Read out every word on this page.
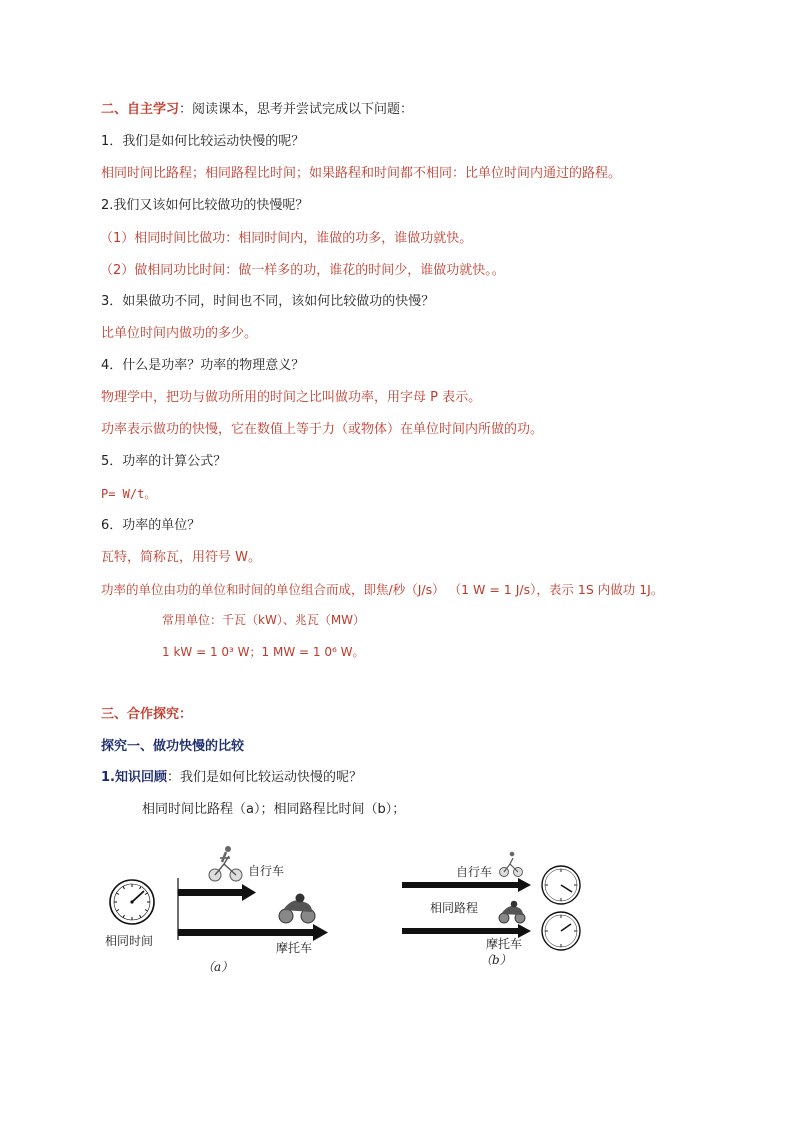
二、自主学习：阅读课本，思考并尝试完成以下问题：
1．我们是如何比较运动快慢的呢？
相同时间比路程；相同路程比时间；如果路程和时间都不相同：比单位时间内通过的路程。
2.我们又该如何比较做功的快慢呢？
（1）相同时间比做功：相同时间内，谁做的功多，谁做功就快。
（2）做相同功比时间：做一样多的功，谁花的时间少，谁做功就快。。
3．如果做功不同，时间也不同，该如何比较做功的快慢？
比单位时间内做功的多少。
4．什么是功率？功率的物理意义？
物理学中，把功与做功所用的时间之比叫做功率，用字母 P 表示。
功率表示做功的快慢，它在数值上等于力（或物体）在单位时间内所做的功。
5．功率的计算公式？
P= W/t。
6．功率的单位？
瓦特，简称瓦，用符号 W。
功率的单位由功的单位和时间的单位组合而成，即焦/秒（J/s） （1 W = 1 J/s），表示 1S 内做功 1J。
常用单位：千瓦（kW）、兆瓦（MW）
1 kW = 1 0³ W；1 MW = 1 0⁶ W。
三、合作探究：
探究一、做功快慢的比较
1.知识回顾：我们是如何比较运动快慢的呢？
相同时间比路程（a）；相同路程比时间（b）；
相同时间
自行车
摩托车
（a）
自行车
相同路程
摩托车
（b）
